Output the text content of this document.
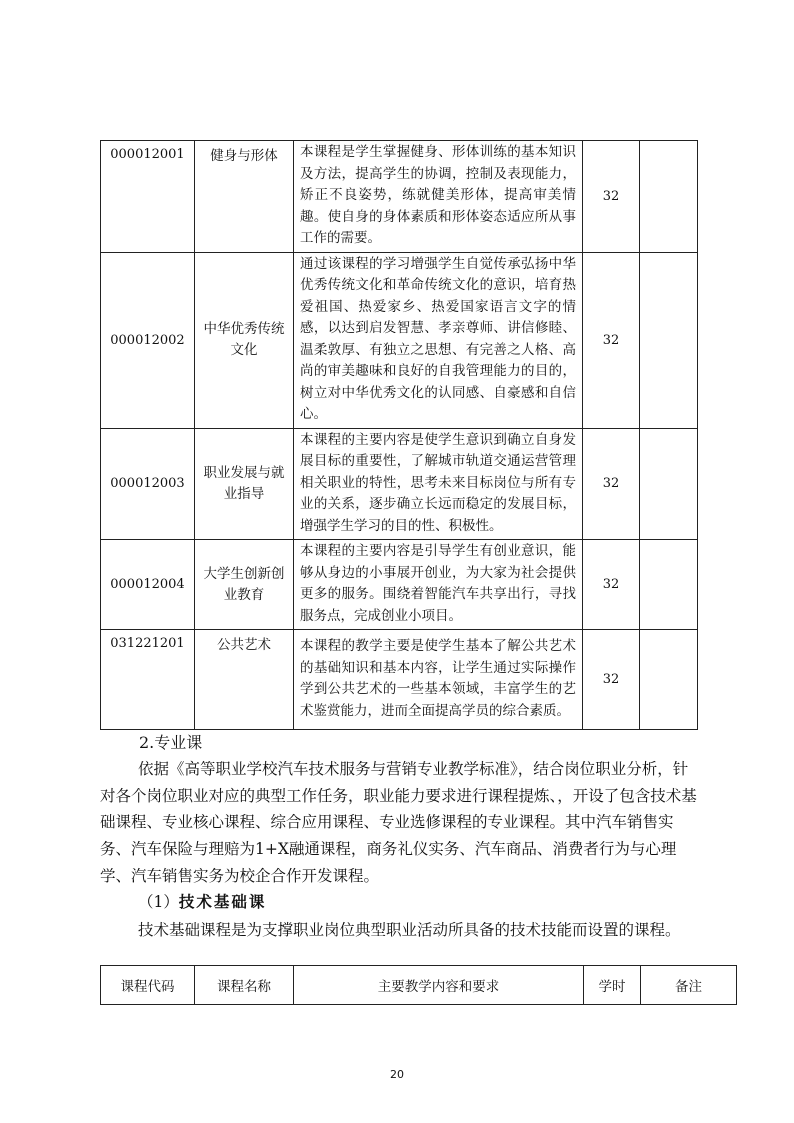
000012001	健身与形体	本课程是学生掌握健身、形体训练的基本知识及方法，提高学生的协调，控制及表现能力，矫正不良姿势，练就健美形体，提高审美情趣。使自身的身体素质和形体姿态适应所从事工作的需要。	32	
000012002	中华优秀传统文化	通过该课程的学习增强学生自觉传承弘扬中华优秀传统文化和革命传统文化的意识，培育热爱祖国、热爱家乡、热爱国家语言文字的情感，以达到启发智慧、孝亲尊师、讲信修睦、温柔敦厚、有独立之思想、有完善之人格、高尚的审美趣味和良好的自我管理能力的目的，树立对中华优秀文化的认同感、自豪感和自信心。	32	
000012003	职业发展与就业指导	本课程的主要内容是使学生意识到确立自身发展目标的重要性，了解城市轨道交通运营管理相关职业的特性，思考未来目标岗位与所有专业的关系，逐步确立长远而稳定的发展目标，增强学生学习的目的性、积极性。	32	
000012004	大学生创新创业教育	本课程的主要内容是引导学生有创业意识，能够从身边的小事展开创业，为大家为社会提供更多的服务。围绕着智能汽车共享出行，寻找服务点，完成创业小项目。	32	
031221201	公共艺术	本课程的教学主要是使学生基本了解公共艺术的基础知识和基本内容，让学生通过实际操作学到公共艺术的一些基本领域，丰富学生的艺术鉴赏能力，进而全面提高学员的综合素质。	32	
2.专业课
依据《高等职业学校汽车技术服务与营销专业教学标准》，结合岗位职业分析，针对各个岗位职业对应的典型工作任务，职业能力要求进行课程提炼、，开设了包含技术基础课程、专业核心课程、综合应用课程、专业选修课程的专业课程。其中汽车销售实务、汽车保险与理赔为1+X融通课程，商务礼仪实务、汽车商品、消费者行为与心理学、汽车销售实务为校企合作开发课程。
（1）技术基础课
技术基础课程是为支撑职业岗位典型职业活动所具备的技术技能而设置的课程。
课程代码	课程名称	主要教学内容和要求	学时	备注
20
